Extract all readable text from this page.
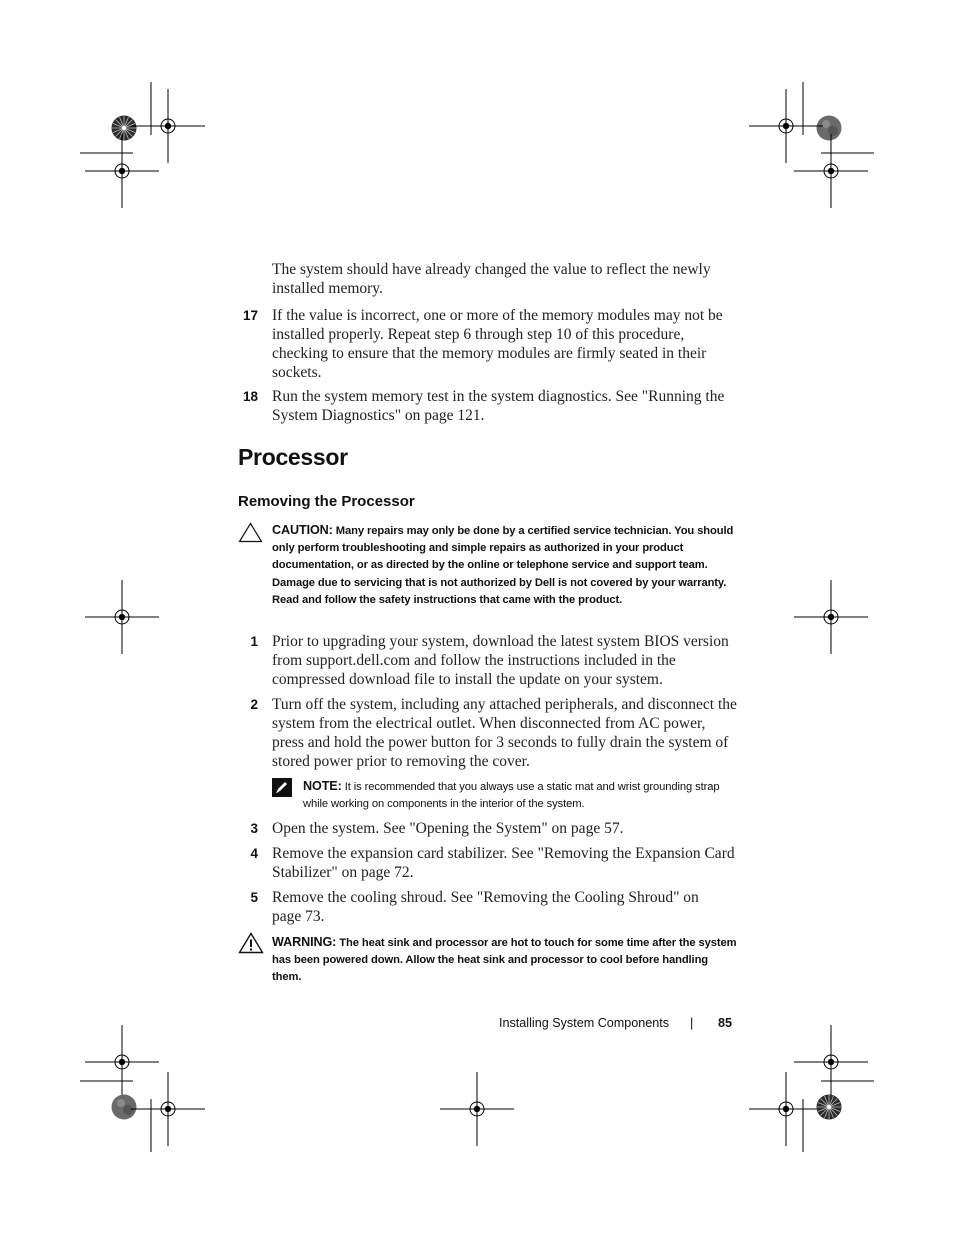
The system should have already changed the value to reflect the newly installed memory.
17 If the value is incorrect, one or more of the memory modules may not be installed properly. Repeat step 6 through step 10 of this procedure, checking to ensure that the memory modules are firmly seated in their sockets.
18 Run the system memory test in the system diagnostics. See "Running the System Diagnostics" on page 121.
Processor
Removing the Processor
CAUTION: Many repairs may only be done by a certified service technician. You should only perform troubleshooting and simple repairs as authorized in your product documentation, or as directed by the online or telephone service and support team. Damage due to servicing that is not authorized by Dell is not covered by your warranty. Read and follow the safety instructions that came with the product.
1 Prior to upgrading your system, download the latest system BIOS version from support.dell.com and follow the instructions included in the compressed download file to install the update on your system.
2 Turn off the system, including any attached peripherals, and disconnect the system from the electrical outlet. When disconnected from AC power, press and hold the power button for 3 seconds to fully drain the system of stored power prior to removing the cover.
NOTE: It is recommended that you always use a static mat and wrist grounding strap while working on components in the interior of the system.
3 Open the system. See "Opening the System" on page 57.
4 Remove the expansion card stabilizer. See "Removing the Expansion Card Stabilizer" on page 72.
5 Remove the cooling shroud. See "Removing the Cooling Shroud" on page 73.
WARNING: The heat sink and processor are hot to touch for some time after the system has been powered down. Allow the heat sink and processor to cool before handling them.
Installing System Components | 85
